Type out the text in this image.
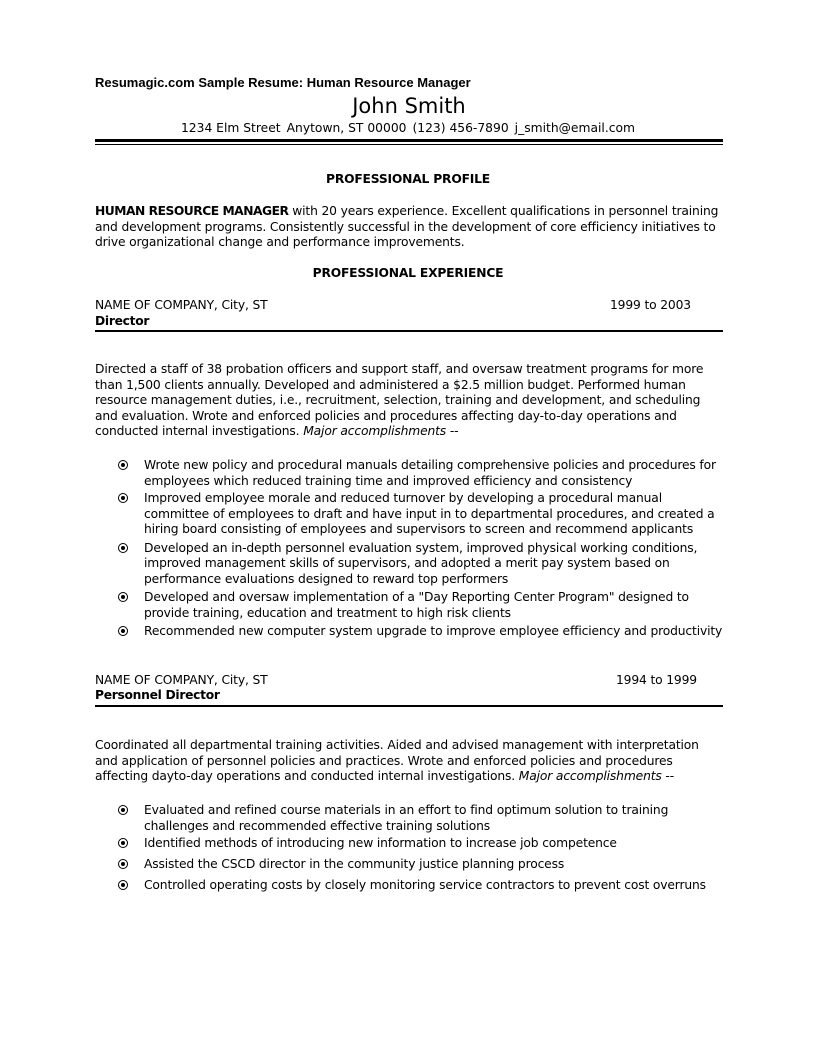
Resumagic.com Sample Resume: Human Resource Manager
John Smith
1234 Elm Street Anytown, ST 00000 (123) 456-7890 j_smith@email.com
PROFESSIONAL PROFILE
HUMAN RESOURCE MANAGER with 20 years experience. Excellent qualifications in personnel training and development programs. Consistently successful in the development of core efficiency initiatives to drive organizational change and performance improvements.
PROFESSIONAL EXPERIENCE
NAME OF COMPANY, City, ST	1999 to 2003
Director
Directed a staff of 38 probation officers and support staff, and oversaw treatment programs for more than 1,500 clients annually. Developed and administered a $2.5 million budget. Performed human resource management duties, i.e., recruitment, selection, training and development, and scheduling and evaluation. Wrote and enforced policies and procedures affecting day-to-day operations and conducted internal investigations. Major accomplishments --
Wrote new policy and procedural manuals detailing comprehensive policies and procedures for employees which reduced training time and improved efficiency and consistency
Improved employee morale and reduced turnover by developing a procedural manual committee of employees to draft and have input in to departmental procedures, and created a hiring board consisting of employees and supervisors to screen and recommend applicants
Developed an in-depth personnel evaluation system, improved physical working conditions, improved management skills of supervisors, and adopted a merit pay system based on performance evaluations designed to reward top performers
Developed and oversaw implementation of a "Day Reporting Center Program" designed to provide training, education and treatment to high risk clients
Recommended new computer system upgrade to improve employee efficiency and productivity
NAME OF COMPANY, City, ST	1994 to 1999
Personnel Director
Coordinated all departmental training activities. Aided and advised management with interpretation and application of personnel policies and practices. Wrote and enforced policies and procedures affecting dayto-day operations and conducted internal investigations. Major accomplishments --
Evaluated and refined course materials in an effort to find optimum solution to training challenges and recommended effective training solutions
Identified methods of introducing new information to increase job competence
Assisted the CSCD director in the community justice planning process
Controlled operating costs by closely monitoring service contractors to prevent cost overruns
